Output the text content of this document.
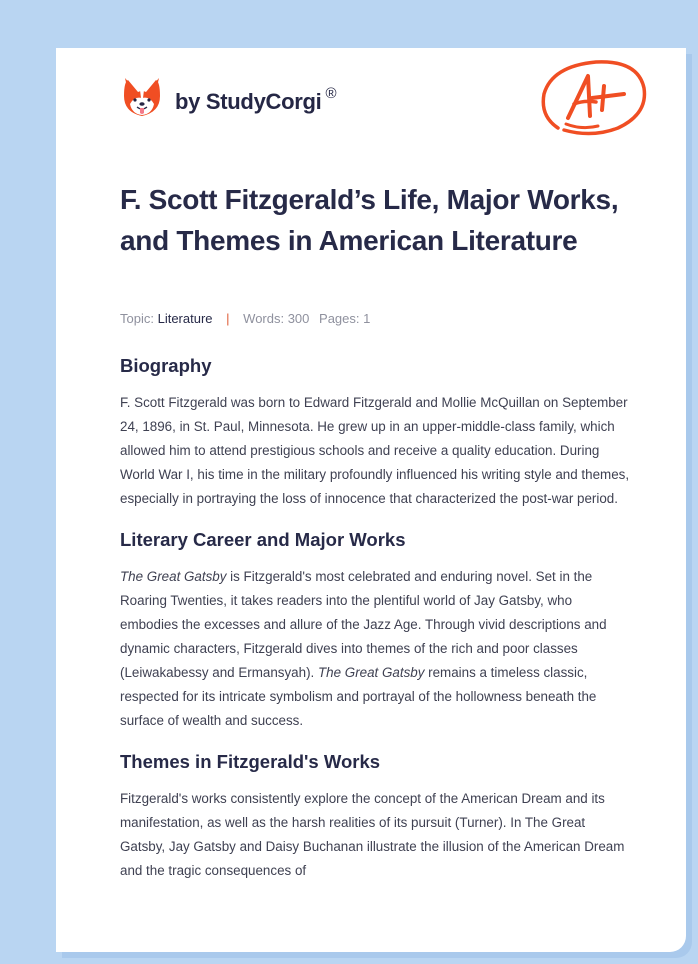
by StudyCorgi ®
F. Scott Fitzgerald’s Life, Major Works, and Themes in American Literature
Topic: Literature | Words: 300 Pages: 1
Biography

F. Scott Fitzgerald was born to Edward Fitzgerald and Mollie McQuillan on September 24, 1896, in St. Paul, Minnesota. He grew up in an upper-middle-class family, which allowed him to attend prestigious schools and receive a quality education. During World War I, his time in the military profoundly influenced his writing style and themes, especially in portraying the loss of innocence that characterized the post-war period.

Literary Career and Major Works

The Great Gatsby is Fitzgerald's most celebrated and enduring novel. Set in the Roaring Twenties, it takes readers into the plentiful world of Jay Gatsby, who embodies the excesses and allure of the Jazz Age. Through vivid descriptions and dynamic characters, Fitzgerald dives into themes of the rich and poor classes (Leiwakabessy and Ermansyah). The Great Gatsby remains a timeless classic, respected for its intricate symbolism and portrayal of the hollowness beneath the surface of wealth and success.

Themes in Fitzgerald's Works

Fitzgerald's works consistently explore the concept of the American Dream and its manifestation, as well as the harsh realities of its pursuit (Turner). In The Great Gatsby, Jay Gatsby and Daisy Buchanan illustrate the illusion of the American Dream and the tragic consequences of
